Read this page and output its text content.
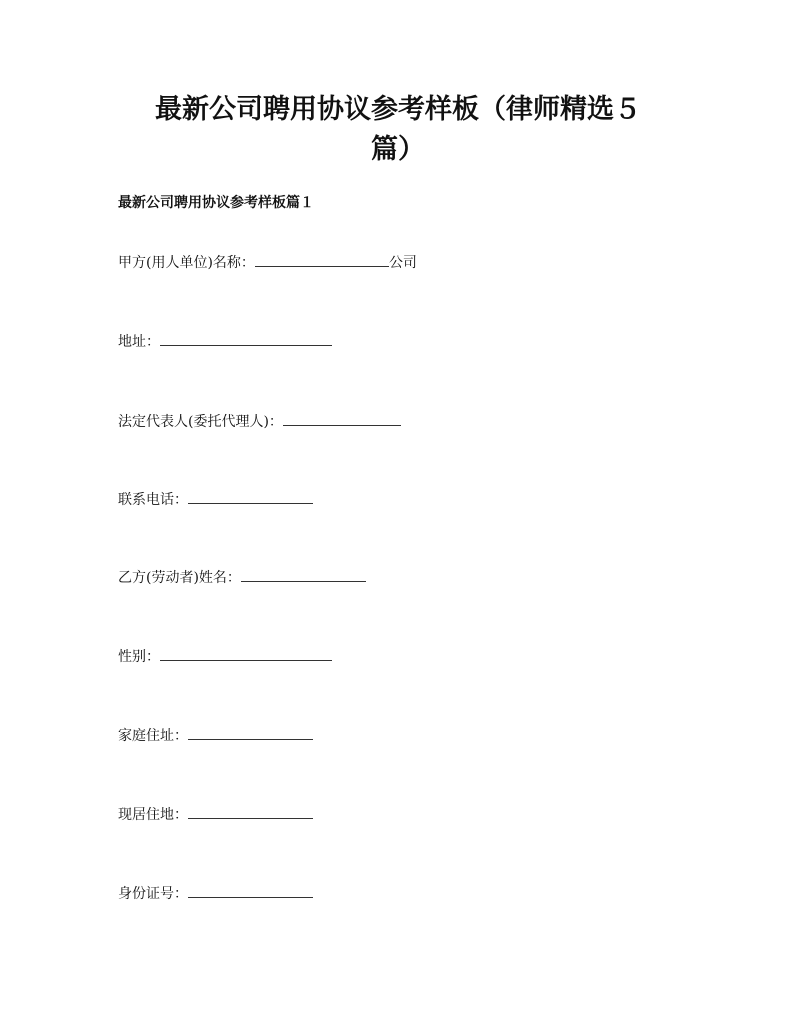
最新公司聘用协议参考样板（律师精选５
篇）
最新公司聘用协议参考样板篇１
甲方(用人单位)名称：	公司
地址：
法定代表人(委托代理人)：
联系电话：
乙方(劳动者)姓名：
性别：
家庭住址：
现居住地：
身份证号：
